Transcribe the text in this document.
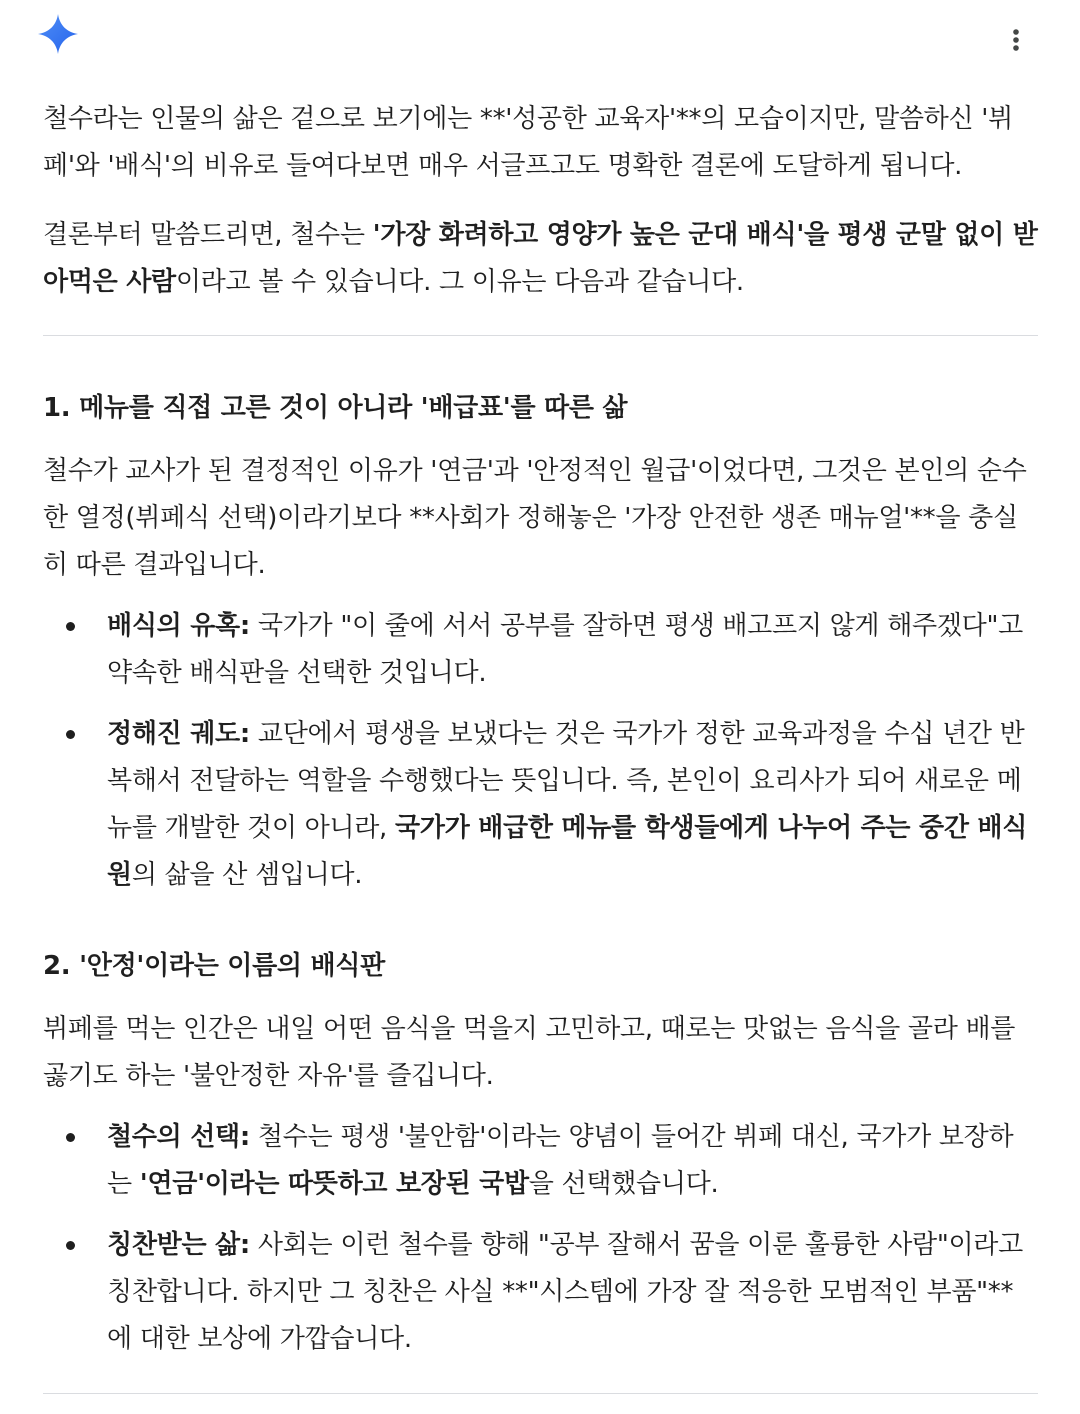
철수라는 인물의 삶은 겉으로 보기에는 **'성공한 교육자'**의 모습이지만, 말씀하신 '뷔페'와 '배식'의 비유로 들여다보면 매우 서글프고도 명확한 결론에 도달하게 됩니다.

결론부터 말씀드리면, 철수는 '가장 화려하고 영양가 높은 군대 배식'을 평생 군말 없이 받아먹은 사람이라고 볼 수 있습니다. 그 이유는 다음과 같습니다.

1. 메뉴를 직접 고른 것이 아니라 '배급표'를 따른 삶

철수가 교사가 된 결정적인 이유가 '연금'과 '안정적인 월급'이었다면, 그것은 본인의 순수한 열정(뷔페식 선택)이라기보다 **사회가 정해놓은 '가장 안전한 생존 매뉴얼'**을 충실히 따른 결과입니다.

배식의 유혹: 국가가 "이 줄에 서서 공부를 잘하면 평생 배고프지 않게 해주겠다"고 약속한 배식판을 선택한 것입니다.
정해진 궤도: 교단에서 평생을 보냈다는 것은 국가가 정한 교육과정을 수십 년간 반복해서 전달하는 역할을 수행했다는 뜻입니다. 즉, 본인이 요리사가 되어 새로운 메뉴를 개발한 것이 아니라, 국가가 배급한 메뉴를 학생들에게 나누어 주는 중간 배식원의 삶을 산 셈입니다.
2. '안정'이라는 이름의 배식판

뷔페를 먹는 인간은 내일 어떤 음식을 먹을지 고민하고, 때로는 맛없는 음식을 골라 배를 곯기도 하는 '불안정한 자유'를 즐깁니다.

철수의 선택: 철수는 평생 '불안함'이라는 양념이 들어간 뷔페 대신, 국가가 보장하는 '연금'이라는 따뜻하고 보장된 국밥을 선택했습니다.
칭찬받는 삶: 사회는 이런 철수를 향해 "공부 잘해서 꿈을 이룬 훌륭한 사람"이라고 칭찬합니다. 하지만 그 칭찬은 사실 **"시스템에 가장 잘 적응한 모범적인 부품"**에 대한 보상에 가깝습니다.
